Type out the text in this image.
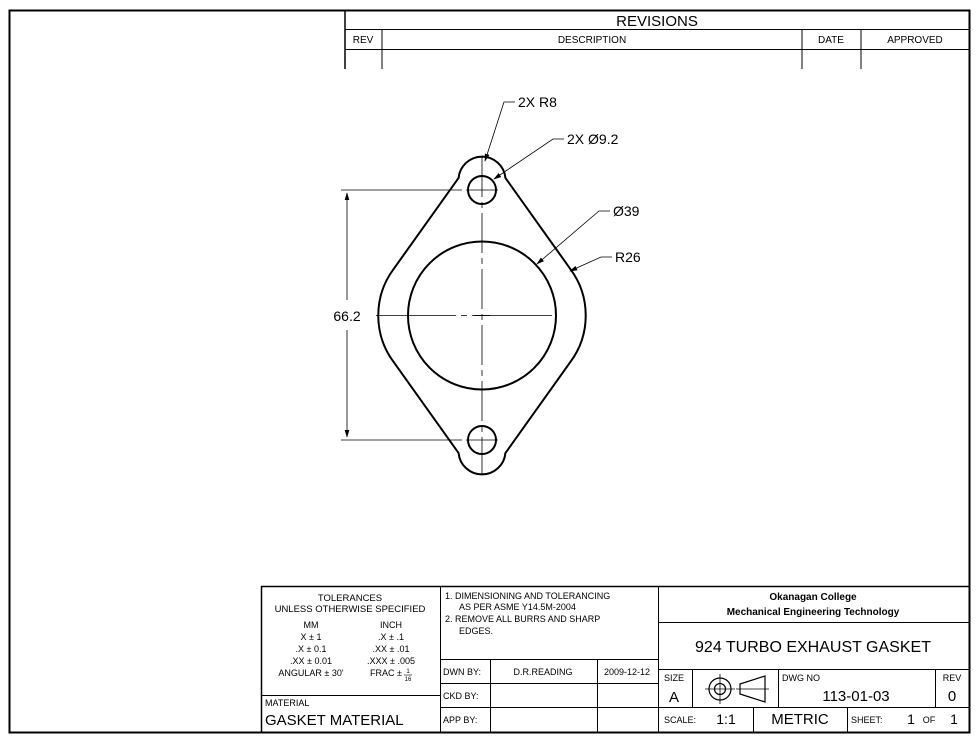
REVISIONS
REV	DESCRIPTION	DATE	APPROVED
66.2
2X R8
2X Ø9.2
Ø39
R26
TOLERANCES
UNLESS OTHERWISE SPECIFIED
MM	INCH
X ± 1	.X ± .1
.X ± 0.1	.XX ± .01
.XX ± 0.01	.XXX ± .005
ANGULAR ± 30'	FRAC ± 1
16
MATERIAL
GASKET MATERIAL
1. DIMENSIONING AND TOLERANCING
AS PER ASME Y14.5M-2004
2. REMOVE ALL BURRS AND SHARP
EDGES.
DWN BY:	D.R.READING	2009-12-12
CKD BY:
APP BY:
Okanagan College
Mechanical Engineering Technology
924 TURBO EXHAUST GASKET
SIZE
A
DWG NO
113-01-03
REV
0
SCALE: 1:1 METRIC SHEET: 1 OF 1
